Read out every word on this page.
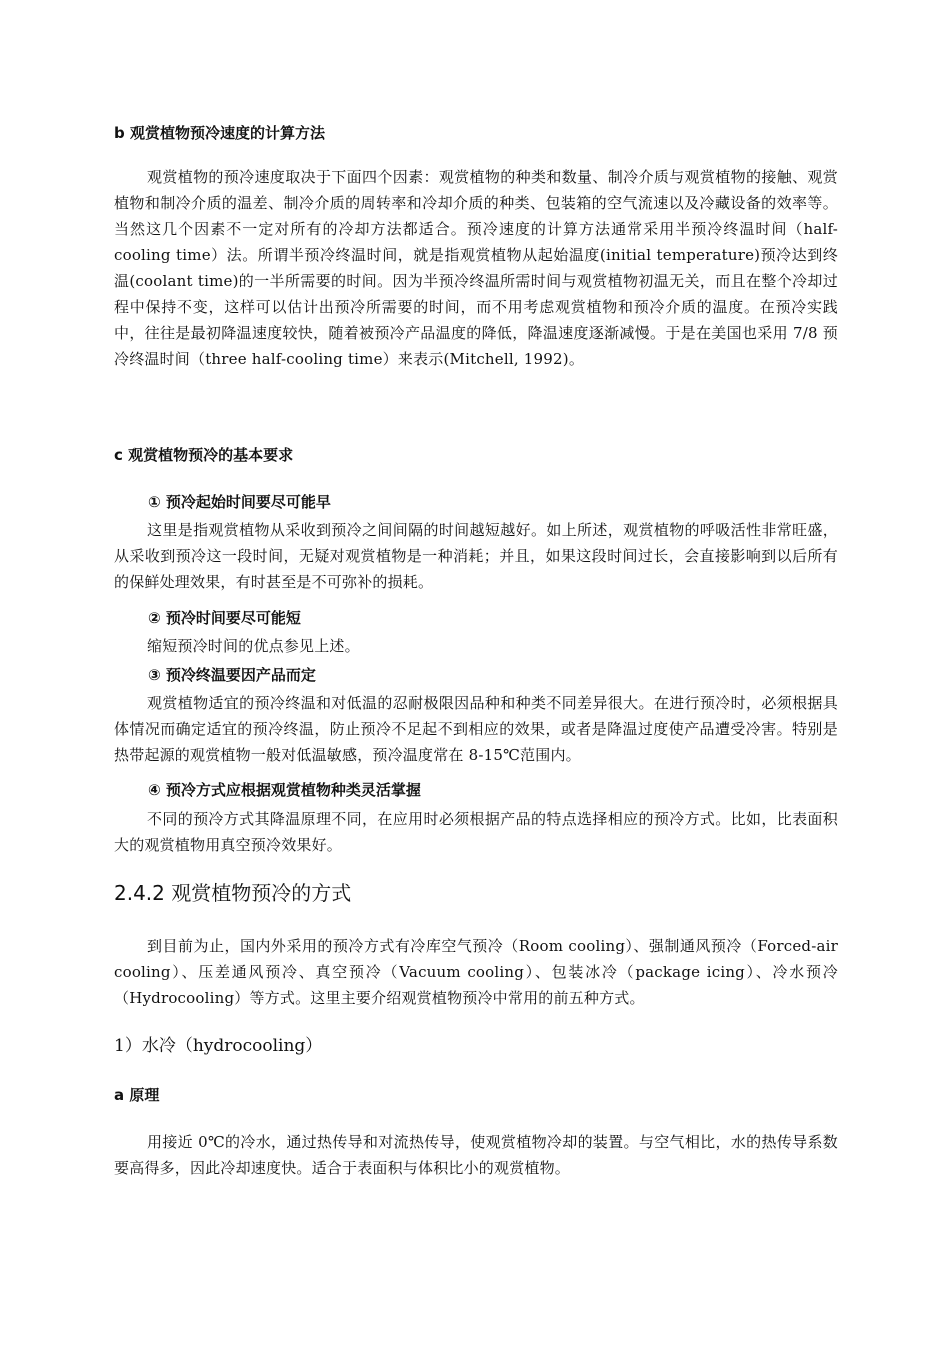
b 观赏植物预冷速度的计算方法
观赏植物的预冷速度取决于下面四个因素：观赏植物的种类和数量、制冷介质与观赏植物的接触、观赏植物和制冷介质的温差、制冷介质的周转率和冷却介质的种类、包装箱的空气流速以及冷藏设备的效率等。当然这几个因素不一定对所有的冷却方法都适合。预冷速度的计算方法通常采用半预冷终温时间（half-cooling time）法。所谓半预冷终温时间，就是指观赏植物从起始温度(initial temperature)预冷达到终温(coolant time)的一半所需要的时间。因为半预冷终温所需时间与观赏植物初温无关，而且在整个冷却过程中保持不变，这样可以估计出预冷所需要的时间，而不用考虑观赏植物和预冷介质的温度。在预冷实践中，往往是最初降温速度较快，随着被预冷产品温度的降低，降温速度逐渐减慢。于是在美国也采用 7/8 预冷终温时间（three half-cooling time）来表示(Mitchell, 1992)。
c 观赏植物预冷的基本要求
① 预冷起始时间要尽可能早
这里是指观赏植物从采收到预冷之间间隔的时间越短越好。如上所述，观赏植物的呼吸活性非常旺盛，从采收到预冷这一段时间，无疑对观赏植物是一种消耗；并且，如果这段时间过长，会直接影响到以后所有的保鲜处理效果，有时甚至是不可弥补的损耗。
② 预冷时间要尽可能短
缩短预冷时间的优点参见上述。
③ 预冷终温要因产品而定
观赏植物适宜的预冷终温和对低温的忍耐极限因品种和种类不同差异很大。在进行预冷时，必须根据具体情况而确定适宜的预冷终温，防止预冷不足起不到相应的效果，或者是降温过度使产品遭受冷害。特别是热带起源的观赏植物一般对低温敏感，预冷温度常在 8-15℃范围内。
④ 预冷方式应根据观赏植物种类灵活掌握
不同的预冷方式其降温原理不同，在应用时必须根据产品的特点选择相应的预冷方式。比如，比表面积大的观赏植物用真空预冷效果好。
2.4.2 观赏植物预冷的方式
到目前为止，国内外采用的预冷方式有冷库空气预冷（Room cooling）、强制通风预冷（Forced-air cooling）、压差通风预冷、真空预冷（Vacuum cooling）、包装冰冷（package icing）、冷水预冷（Hydrocooling）等方式。这里主要介绍观赏植物预冷中常用的前五种方式。
1）水冷（hydrocooling）
a 原理
用接近 0℃的冷水，通过热传导和对流热传导，使观赏植物冷却的装置。与空气相比，水的热传导系数要高得多，因此冷却速度快。适合于表面积与体积比小的观赏植物。
